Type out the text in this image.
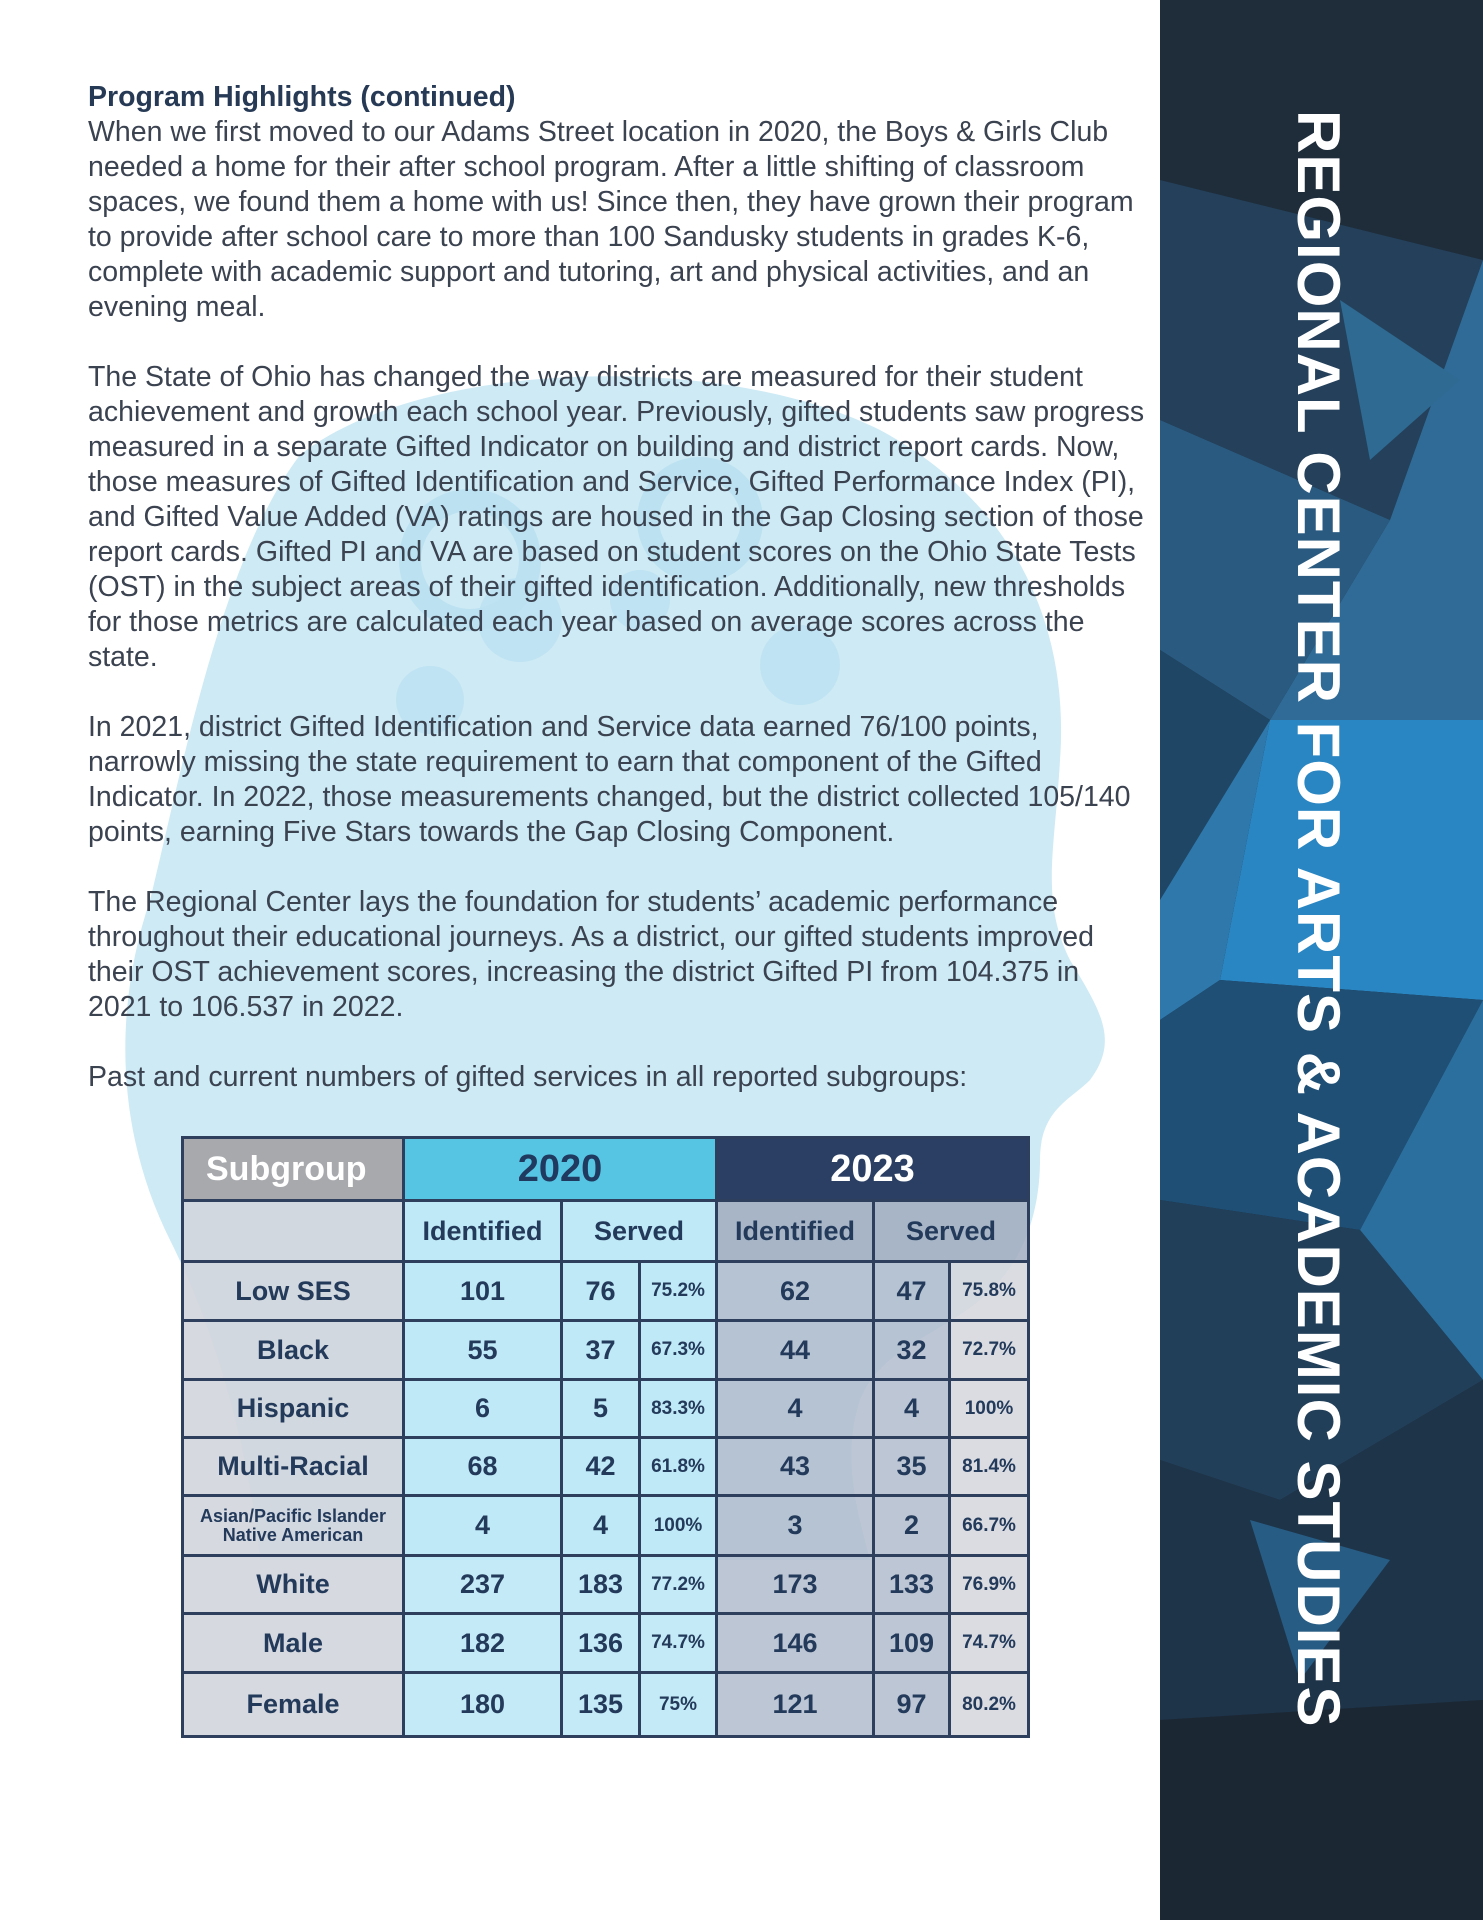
REGIONAL CENTER FOR ARTS & ACADEMIC STUDIES
Program Highlights (continued)

When we first moved to our Adams Street location in 2020, the Boys & Girls Club needed a home for their after school program. After a little shifting of classroom spaces, we found them a home with us! Since then, they have grown their program to provide after school care to more than 100 Sandusky students in grades K-6, complete with academic support and tutoring, art and physical activities, and an evening meal.

The State of Ohio has changed the way districts are measured for their student achievement and growth each school year. Previously, gifted students saw progress measured in a separate Gifted Indicator on building and district report cards. Now, those measures of Gifted Identification and Service, Gifted Performance Index (PI), and Gifted Value Added (VA) ratings are housed in the Gap Closing section of those report cards. Gifted PI and VA are based on student scores on the Ohio State Tests (OST) in the subject areas of their gifted identification. Additionally, new thresholds for those metrics are calculated each year based on average scores across the state.

In 2021, district Gifted Identification and Service data earned 76/100 points, narrowly missing the state requirement to earn that component of the Gifted Indicator. In 2022, those measurements changed, but the district collected 105/140 points, earning Five Stars towards the Gap Closing Component.

The Regional Center lays the foundation for students’ academic performance throughout their educational journeys. As a district, our gifted students improved their OST achievement scores, increasing the district Gifted PI from 104.375 in 2021 to 106.537 in 2022.

Past and current numbers of gifted services in all reported subgroups:

Subgroup	2020	2023
Identified	Served	Identified	Served
Low SES	101	76	75.2%	62	47	75.8%
Black	55	37	67.3%	44	32	72.7%
Hispanic	6	5	83.3%	4	4	100%
Multi-Racial	68	42	61.8%	43	35	81.4%
Asian/Pacific Islander
Native American	4	4	100%	3	2	66.7%
White	237	183	77.2%	173	133	76.9%
Male	182	136	74.7%	146	109	74.7%
Female	180	135	75%	121	97	80.2%
